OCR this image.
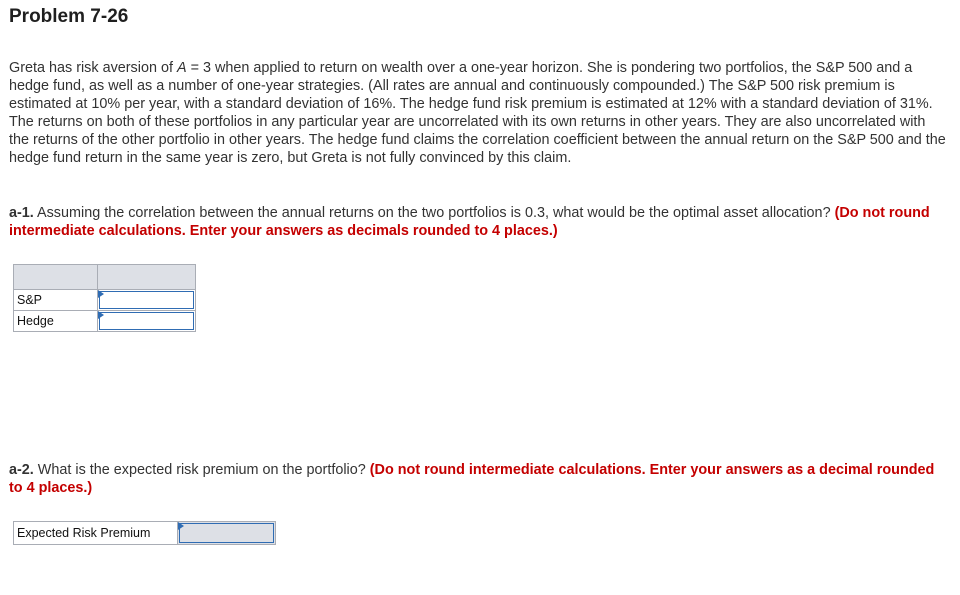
Problem 7-26

Greta has risk aversion of A = 3 when applied to return on wealth over a one-year horizon. She is pondering two portfolios, the S&P 500 and a hedge fund, as well as a number of one-year strategies. (All rates are annual and continuously compounded.) The S&P 500 risk premium is estimated at 10% per year, with a standard deviation of 16%. The hedge fund risk premium is estimated at 12% with a standard deviation of 31%. The returns on both of these portfolios in any particular year are uncorrelated with its own returns in other years. They are also uncorrelated with the returns of the other portfolio in other years. The hedge fund claims the correlation coefficient between the annual return on the S&P 500 and the hedge fund return in the same year is zero, but Greta is not fully convinced by this claim.

a-1. Assuming the correlation between the annual returns on the two portfolios is 0.3, what would be the optimal asset allocation? (Do not round intermediate calculations. Enter your answers as decimals rounded to 4 places.)

S&P	

Hedge	

a-2. What is the expected risk premium on the portfolio? (Do not round intermediate calculations. Enter your answers as a decimal rounded to 4 places.)

Expected Risk Premium	
